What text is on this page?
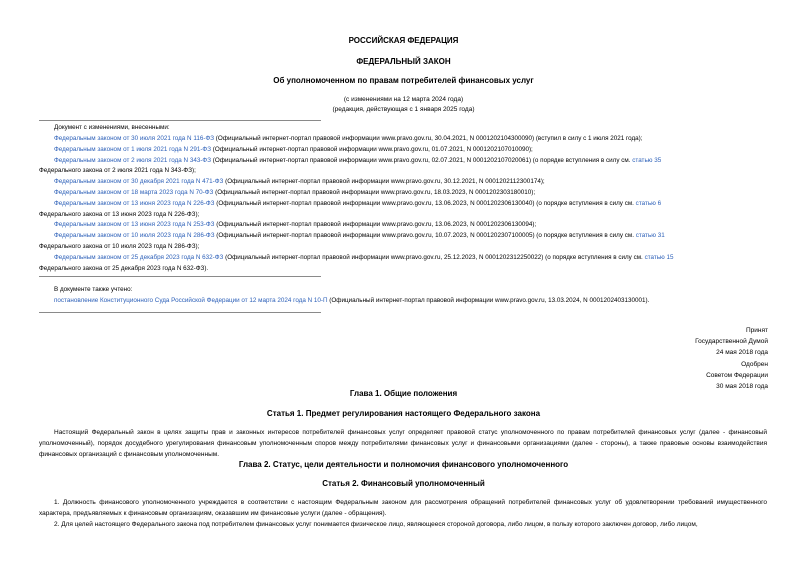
РОССИЙСКАЯ ФЕДЕРАЦИЯ
ФЕДЕРАЛЬНЫЙ ЗАКОН
Об уполномоченном по правам потребителей финансовых услуг
(с изменениями на 12 марта 2024 года)
(редакция, действующая с 1 января 2025 года)
Документ с изменениями, внесенными:
Федеральным законом от 30 июля 2021 года N 116-ФЗ (Официальный интернет-портал правовой информации www.pravo.gov.ru, 30.04.2021, N 0001202104300090) (вступил в силу с 1 июля 2021 года);
Федеральным законом от 1 июля 2021 года N 291-ФЗ (Официальный интернет-портал правовой информации www.pravo.gov.ru, 01.07.2021, N 0001202107010090);
Федеральным законом от 2 июля 2021 года N 343-ФЗ (Официальный интернет-портал правовой информации www.pravo.gov.ru, 02.07.2021, N 0001202107020061) (о порядке вступления в силу см. статью 35
Федерального закона от 2 июля 2021 года N 343-ФЗ);
Федеральным законом от 30 декабря 2021 года N 471-ФЗ (Официальный интернет-портал правовой информации www.pravo.gov.ru, 30.12.2021, N 0001202112300174);
Федеральным законом от 18 марта 2023 года N 70-ФЗ (Официальный интернет-портал правовой информации www.pravo.gov.ru, 18.03.2023, N 0001202303180010);
Федеральным законом от 13 июня 2023 года N 226-ФЗ (Официальный интернет-портал правовой информации www.pravo.gov.ru, 13.06.2023, N 0001202306130040) (о порядке вступления в силу см. статью 6
Федерального закона от 13 июня 2023 года N 226-ФЗ);
Федеральным законом от 13 июня 2023 года N 253-ФЗ (Официальный интернет-портал правовой информации www.pravo.gov.ru, 13.06.2023, N 0001202306130094);
Федеральным законом от 10 июля 2023 года N 286-ФЗ (Официальный интернет-портал правовой информации www.pravo.gov.ru, 10.07.2023, N 0001202307100005) (о порядке вступления в силу см. статью 31
Федерального закона от 10 июля 2023 года N 286-ФЗ);
Федеральным законом от 25 декабря 2023 года N 632-ФЗ (Официальный интернет-портал правовой информации www.pravo.gov.ru, 25.12.2023, N 0001202312250022) (о порядке вступления в силу см. статью 15
Федерального закона от 25 декабря 2023 года N 632-ФЗ).
В документе также учтено:
постановление Конституционного Суда Российской Федерации от 12 марта 2024 года N 10-П (Официальный интернет-портал правовой информации www.pravo.gov.ru, 13.03.2024, N 0001202403130001).
Принят
Государственной Думой
24 мая 2018 года
Одобрен
Советом Федерации
30 мая 2018 года
Глава 1. Общие положения
Статья 1. Предмет регулирования настоящего Федерального закона
Настоящий Федеральный закон в целях защиты прав и законных интересов потребителей финансовых услуг определяет правовой статус уполномоченного по правам потребителей финансовых услуг (далее - финансовый уполномоченный), порядок досудебного урегулирования финансовым уполномоченным споров между потребителями финансовых услуг и финансовыми организациями (далее - стороны), а также правовые основы взаимодействия финансовых организаций с финансовым уполномоченным.
Глава 2. Статус, цели деятельности и полномочия финансового уполномоченного
Статья 2. Финансовый уполномоченный
1. Должность финансового уполномоченного учреждается в соответствии с настоящим Федеральным законом для рассмотрения обращений потребителей финансовых услуг об удовлетворении требований имущественного характера, предъявляемых к финансовым организациям, оказавшим им финансовые услуги (далее - обращения).
2. Для целей настоящего Федерального закона под потребителем финансовых услуг понимается физическое лицо, являющееся стороной договора, либо лицом, в пользу которого заключен договор, либо лицом,
